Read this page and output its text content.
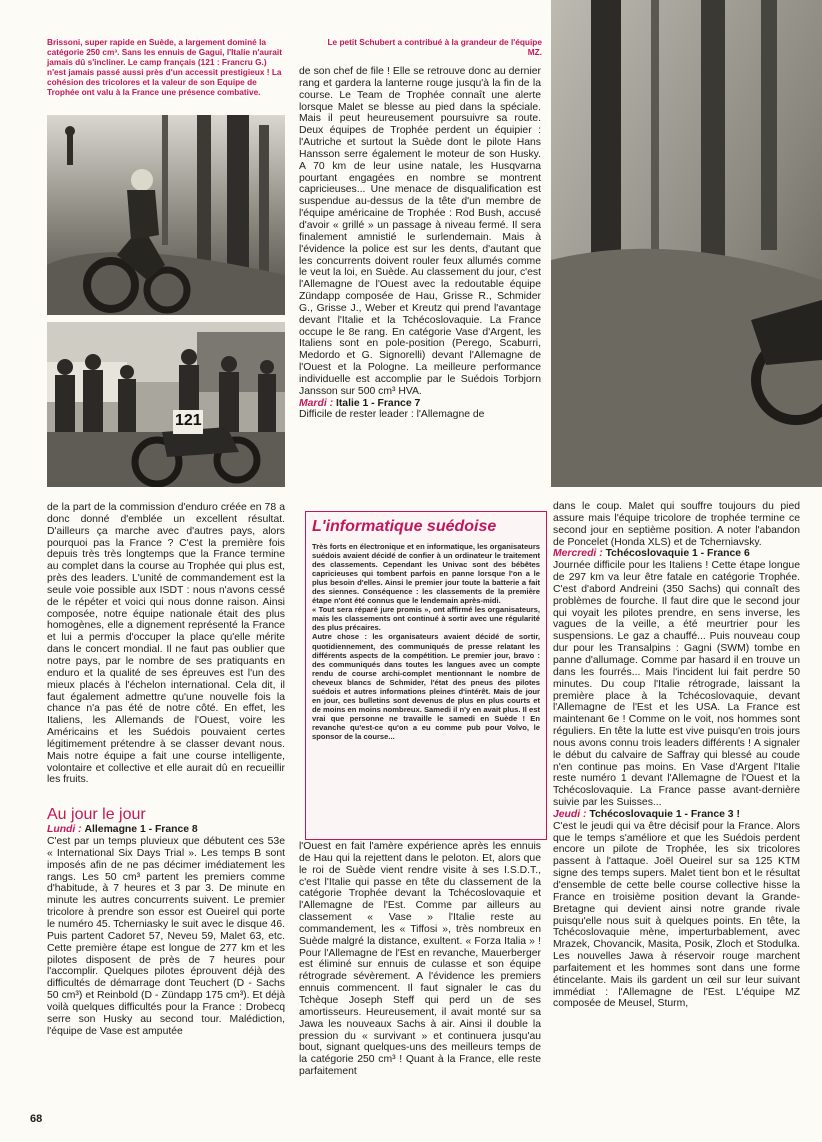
Brissoni, super rapide en Suède, a largement dominé la catégorie 250 cm³. Sans les ennuis de Gagui, l'Italie n'aurait jamais dû s'incliner. Le camp français (121 : Francru G.) n'est jamais passé aussi près d'un accessit prestigieux ! La cohésion des tricolores et la valeur de son Equipe de Trophée ont valu à la France une présence combative.
Le petit Schubert a contribué à la grandeur de l'équipe MZ.
121

de son chef de file ! Elle se retrouve donc au dernier rang et gardera la lanterne rouge jusqu'à la fin de la course. Le Team de Trophée connaît une alerte lorsque Malet se blesse au pied dans la spéciale. Mais il peut heureusement poursuivre sa route. Deux équipes de Trophée perdent un équipier : l'Autriche et surtout la Suède dont le pilote Hans Hansson serre également le moteur de son Husky. A 70 km de leur usine natale, les Husqvarna pourtant engagées en nombre se montrent capricieuses... Une menace de disqualification est suspendue au-dessus de la tête d'un membre de l'équipe américaine de Trophée : Rod Bush, accusé d'avoir « grillé » un passage à niveau fermé. Il sera finalement amnistié le surlendemain. Mais à l'évidence la police est sur les dents, d'autant que les concurrents doivent rouler feux allumés comme le veut la loi, en Suède. Au classement du jour, c'est l'Allemagne de l'Ouest avec la redoutable équipe Zündapp composée de Hau, Grisse R., Schmider G., Grisse J., Weber et Kreutz qui prend l'avantage devant l'Italie et la Tchécoslovaquie. La France occupe le 8e rang. En catégorie Vase d'Argent, les Italiens sont en pole-position (Perego, Scaburri, Medordo et G. Signorelli) devant l'Allemagne de l'Ouest et la Pologne. La meilleure performance individuelle est accomplie par le Suédois Torbjorn Jansson sur 500 cm³ HVA.

Mardi : Italie 1 - France 7

Difficile de rester leader : l'Allemagne de

de la part de la commission d'enduro créée en 78 a donc donné d'emblée un excellent résultat. D'ailleurs ça marche avec d'autres pays, alors pourquoi pas la France ? C'est la première fois depuis très très longtemps que la France termine au complet dans la course au Trophée qui plus est, près des leaders. L'unité de commandement est la seule voie possible aux ISDT : nous n'avons cessé de le répéter et voici qui nous donne raison. Ainsi composée, notre équipe nationale était des plus homogènes, elle a dignement représenté la France et lui a permis d'occuper la place qu'elle mérite dans le concert mondial. Il ne faut pas oublier que notre pays, par le nombre de ses pratiquants en enduro et la qualité de ses épreuves est l'un des mieux placés à l'échelon international. Cela dit, il faut également admettre qu'une nouvelle fois la chance n'a pas été de notre côté. En effet, les Italiens, les Allemands de l'Ouest, voire les Américains et les Suédois pouvaient certes légitimement prétendre à se classer devant nous. Mais notre équipe a fait une course intelligente, volontaire et collective et elle aurait dû en recueillir les fruits.

Au jour le jour

Lundi : Allemagne 1 - France 8

C'est par un temps pluvieux que débutent ces 53e « International Six Days Trial ». Les temps B sont imposés afin de ne pas décimer imédiatement les rangs. Les 50 cm³ partent les premiers comme d'habitude, à 7 heures et 3 par 3. De minute en minute les autres concurrents suivent. Le premier tricolore à prendre son essor est Oueirel qui porte le numéro 45. Tcherniasky le suit avec le disque 46. Puis partent Cadoret 57, Neveu 59, Malet 63, etc. Cette première étape est longue de 277 km et les pilotes disposent de près de 7 heures pour l'accomplir. Quelques pilotes éprouvent déjà des difficultés de démarrage dont Teuchert (D - Sachs 50 cm³) et Reinbold (D - Zündapp 175 cm³). Et déjà voilà quelques difficultés pour la France : Drobecq serre son Husky au second tour. Malédiction, l'équipe de Vase est amputée

68
L'informatique suédoise

Très forts en électronique et en informatique, les organisateurs suédois avaient décidé de confier à un ordinateur le traitement des classements. Cependant les Univac sont des bébêtes capricieuses qui tombent parfois en panne lorsque l'on a le plus besoin d'elles. Ainsi le premier jour toute la batterie a fait des siennes. Conséquence : les classements de la première étape n'ont été connus que le lendemain après-midi.

« Tout sera réparé jure promis », ont affirmé les organisateurs, mais les classements ont continué à sortir avec une régularité des plus précaires.

Autre chose : les organisateurs avaient décidé de sortir, quotidiennement, des communiqués de presse relatant les différents aspects de la compétition. Le premier jour, bravo : des communiqués dans toutes les langues avec un compte rendu de course archi-complet mentionnant le nombre de cheveux blancs de Schmider, l'état des pneus des pilotes suédois et autres informations pleines d'intérêt. Mais de jour en jour, ces bulletins sont devenus de plus en plus courts et de moins en moins nombreux. Samedi il n'y en avait plus. Il est vrai que personne ne travaille le samedi en Suède ! En revanche qu'est-ce qu'on a eu comme pub pour Volvo, le sponsor de la course...

l'Ouest en fait l'amère expérience après les ennuis de Hau qui la rejettent dans le peloton. Et, alors que le roi de Suède vient rendre visite à ses I.S.D.T., c'est l'Italie qui passe en tête du classement de la catégorie Trophée devant la Tchécoslovaquie et l'Allemagne de l'Est. Comme par ailleurs au classement « Vase » l'Italie reste au commandement, les « Tiffosi », très nombreux en Suède malgré la distance, exultent. « Forza Italia » ! Pour l'Allemagne de l'Est en revanche, Mauerberger est éliminé sur ennuis de culasse et son équipe rétrograde sévèrement. A l'évidence les premiers ennuis commencent. Il faut signaler le cas du Tchèque Joseph Steff qui perd un de ses amortisseurs. Heureusement, il avait monté sur sa Jawa les nouveaux Sachs à air. Ainsi il double la pression du « survivant » et continuera jusqu'au bout, signant quelques-uns des meilleurs temps de la catégorie 250 cm³ ! Quant à la France, elle reste parfaitement

dans le coup. Malet qui souffre toujours du pied assure mais l'équipe tricolore de trophée termine ce second jour en septième position. A noter l'abandon de Poncelet (Honda XLS) et de Tcherniavsky.

Mercredi : Tchécoslovaquie 1 - France 6

Journée difficile pour les Italiens ! Cette étape longue de 297 km va leur être fatale en catégorie Trophée. C'est d'abord Andreini (350 Sachs) qui connaît des problèmes de fourche. Il faut dire que le second jour qui voyait les pilotes prendre, en sens inverse, les vagues de la veille, a été meurtrier pour les suspensions. Le gaz a chauffé... Puis nouveau coup dur pour les Transalpins : Gagni (SWM) tombe en panne d'allumage. Comme par hasard il en trouve un dans les fourrés... Mais l'incident lui fait perdre 50 minutes. Du coup l'Italie rétrograde, laissant la première place à la Tchécoslovaquie, devant l'Allemagne de l'Est et les USA. La France est maintenant 6e ! Comme on le voit, nos hommes sont réguliers. En tête la lutte est vive puisqu'en trois jours nous avons connu trois leaders différents ! A signaler le début du calvaire de Saffray qui blessé au coude n'en continue pas moins. En Vase d'Argent l'Italie reste numéro 1 devant l'Allemagne de l'Ouest et la Tchécoslovaquie. La France passe avant-dernière suivie par les Suisses...

Jeudi : Tchécoslovaquie 1 - France 3 !

C'est le jeudi qui va être décisif pour la France. Alors que le temps s'améliore et que les Suédois perdent encore un pilote de Trophée, les six tricolores passent à l'attaque. Joël Oueirel sur sa 125 KTM signe des temps supers. Malet tient bon et le résultat d'ensemble de cette belle course collective hisse la France en troisième position devant la Grande-Bretagne qui devient ainsi notre grande rivale puisqu'elle nous suit à quelques points. En tête, la Tchécoslovaquie mène, imperturbablement, avec Mrazek, Chovancik, Masita, Posik, Zloch et Stodulka. Les nouvelles Jawa à réservoir rouge marchent parfaitement et les hommes sont dans une forme étincelante. Mais ils gardent un œil sur leur suivant immédiat : l'Allemagne de l'Est. L'équipe MZ composée de Meusel, Sturm,
